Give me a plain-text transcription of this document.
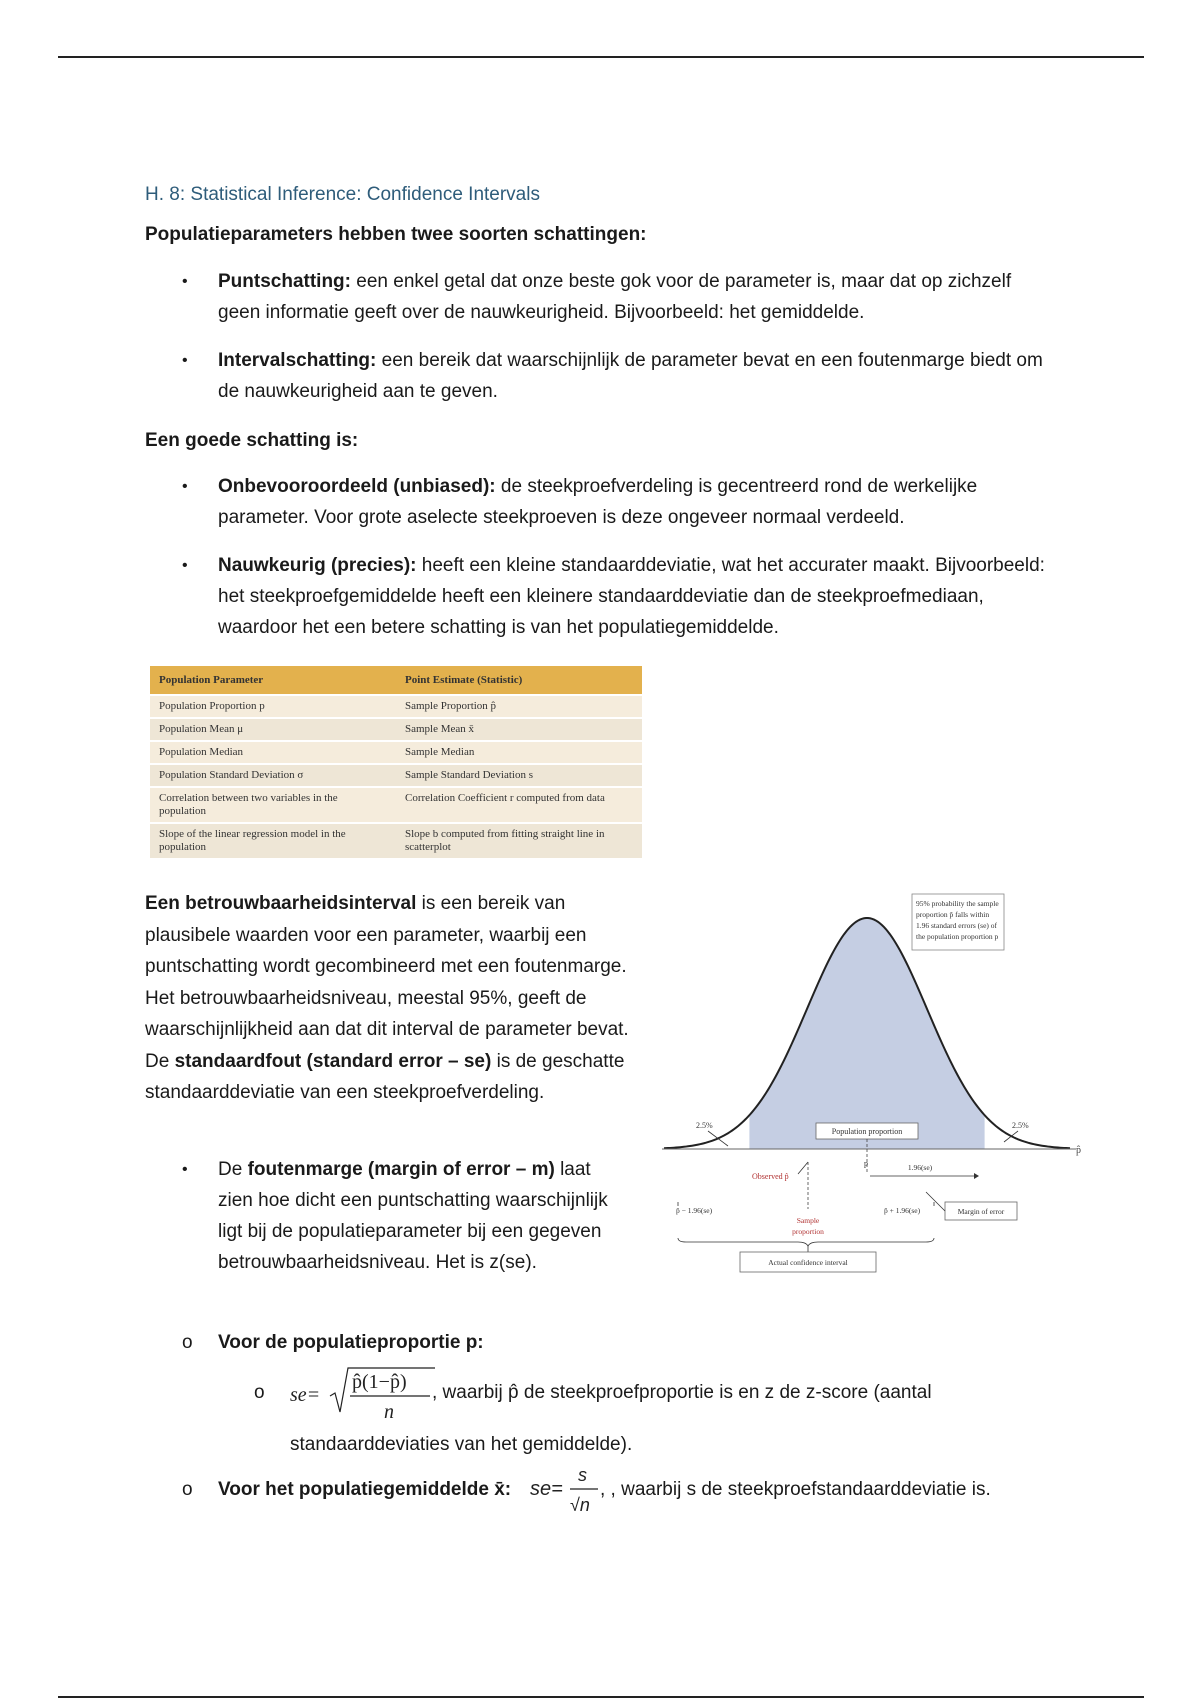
H. 8: Statistical Inference: Confidence Intervals
Populatieparameters hebben twee soorten schattingen:
• Puntschatting: een enkel getal dat onze beste gok voor de parameter is, maar dat op zichzelf geen informatie geeft over de nauwkeurigheid. Bijvoorbeeld: het gemiddelde.
• Intervalschatting: een bereik dat waarschijnlijk de parameter bevat en een foutenmarge biedt om de nauwkeurigheid aan te geven.
Een goede schatting is:
• Onbevooroordeeld (unbiased): de steekproefverdeling is gecentreerd rond de werkelijke parameter. Voor grote aselecte steekproeven is deze ongeveer normaal verdeeld.
• Nauwkeurig (precies): heeft een kleine standaarddeviatie, wat het accurater maakt. Bijvoorbeeld: het steekproefgemiddelde heeft een kleinere standaarddeviatie dan de steekproefmediaan, waardoor het een betere schatting is van het populatiegemiddelde.
Population Parameter	Point Estimate (Statistic)
Population Proportion p	Sample Proportion p̂
Population Mean μ	Sample Mean x̄
Population Median	Sample Median
Population Standard Deviation σ	Sample Standard Deviation s
Correlation between two variables in the population	Correlation Coefficient r computed from data
Slope of the linear regression model in the population	Slope b computed from fitting straight line in scatterplot
Een betrouwbaarheidsinterval is een bereik van plausibele waarden voor een parameter, waarbij een puntschatting wordt gecombineerd met een foutenmarge. Het betrouwbaarheidsniveau, meestal 95%, geeft de waarschijnlijkheid aan dat dit interval de parameter bevat. De standaardfout (standard error – se) is de geschatte standaarddeviatie van een steekproefverdeling.
• De foutenmarge (margin of error – m) laat zien hoe dicht een puntschatting waarschijnlijk ligt bij de populatieparameter bij een gegeven betrouwbaarheidsniveau. Het is z(se).
p̂
95% probability the sample
proportion p̂ falls within
1.96 standard errors (se) of
the population proportion p
2.5%	2.5%
Population proportion
p	1.96(se)
Observed p̂
p̂ − 1.96(se)	p̂ + 1.96(se)	Margin of error
Sample
proportion
Actual confidence interval
o Voor de populatieproportie p:
o se=
p̂(1−p̂)
n
, waarbij p̂ de steekproefproportie is en z de z-score (aantal
standaarddeviaties van het gemiddelde).
o Voor het populatiegemiddelde x̄: se=
s
√n
, , waarbij s de steekproefstandaarddeviatie is.
